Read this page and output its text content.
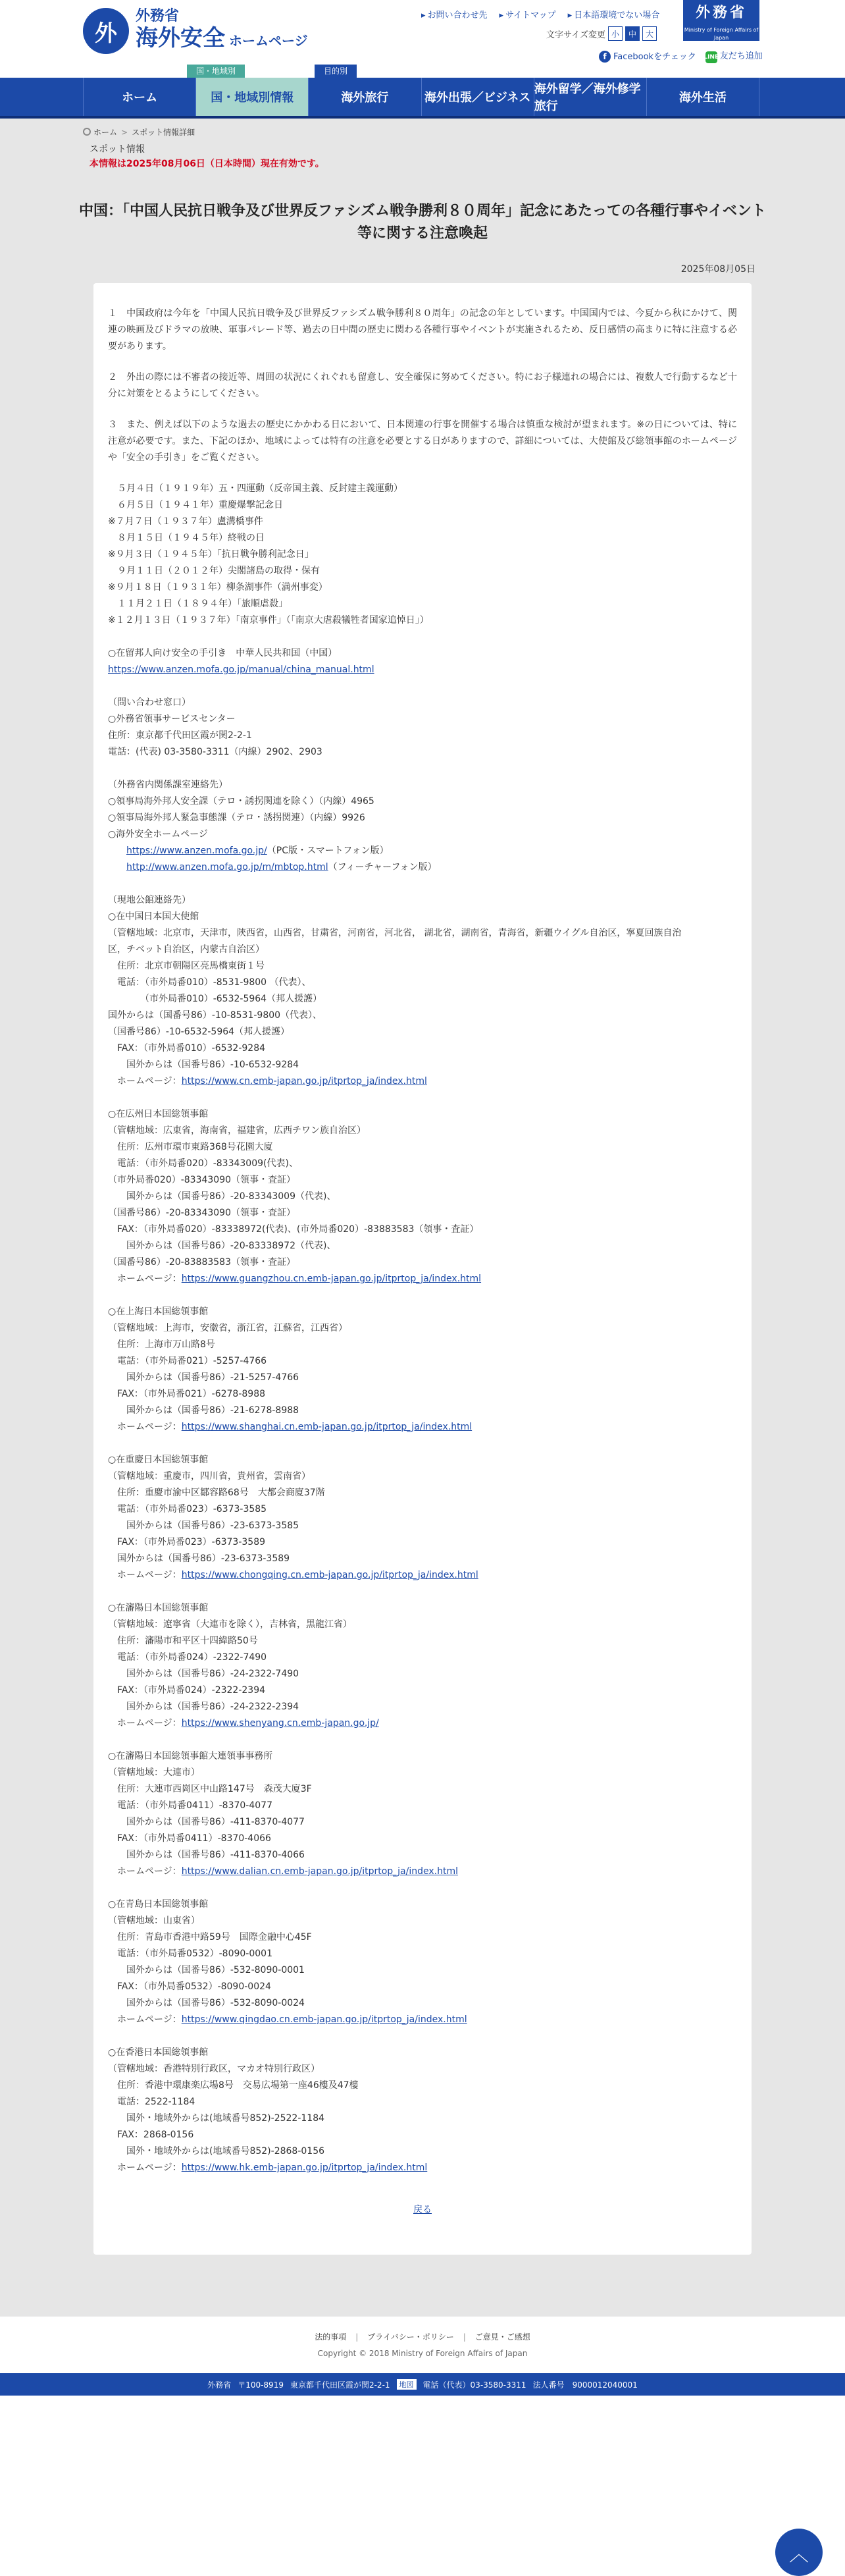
外
外務省
海外安全 ホームページ
▸ お問い合わせ先	▸ サイトマップ	▸ 日本語環境でない場合
文字サイズ変更 小	中	大
外務省
Ministry of Foreign Affairs of Japan
f Facebookをチェック LINE 友だち追加
国・地域別	目的別
ホーム	国・地域別情報	海外旅行	海外出張／ビジネス
海外留学／海外修学旅行
海外生活
ホーム > スポット情報詳細
スポット情報
本情報は2025年08月06日（日本時間）現在有効です。
中国：「中国人民抗日戦争及び世界反ファシズム戦争勝利８０周年」記念にあたっての各種行事やイベント等に関する注意喚起
2025年08月05日
１　中国政府は今年を「中国人民抗日戦争及び世界反ファシズム戦争勝利８０周年」の記念の年としています。中国国内では、今夏から秋にかけて、関連の映画及びドラマの放映、軍事パレード等、過去の日中間の歴史に関わる各種行事やイベントが実施されるため、反日感情の高まりに特に注意する必要があります。
２　外出の際には不審者の接近等、周囲の状況にくれぐれも留意し、安全確保に努めてください。特にお子様連れの場合には、複数人で行動するなど十分に対策をとるようにしてください。
３　また、例えば以下のような過去の歴史にかかわる日において、日本関連の行事を開催する場合は慎重な検討が望まれます。※の日については、特に注意が必要です。また、下記のほか、地域によっては特有の注意を必要とする日がありますので、詳細については、大使館及び総領事館のホームページや「安全の手引き」をご覧ください。
　５月４日（１９１９年）五・四運動（反帝国主義、反封建主義運動）
　６月５日（１９４１年）重慶爆撃記念日
※７月７日（１９３７年）盧溝橋事件
　８月１５日（１９４５年）終戦の日
※９月３日（１９４５年）「抗日戦争勝利記念日」
　９月１１日（２０１２年）尖閣諸島の取得・保有
※９月１８日（１９３１年）柳条湖事件（満州事変）
　１１月２１日（１８９４年）「旅順虐殺」
※１２月１３日（１９３７年）「南京事件」（「南京大虐殺犠牲者国家追悼日」）
○在留邦人向け安全の手引き　中華人民共和国（中国）
https://www.anzen.mofa.go.jp/manual/china_manual.html
（問い合わせ窓口）
○外務省領事サービスセンター
住所：東京都千代田区霞が関2-2-1
電話：(代表) 03-3580-3311（内線）2902、2903
（外務省内関係課室連絡先）
○領事局海外邦人安全課（テロ・誘拐関連を除く）（内線）4965
○領事局海外邦人緊急事態課（テロ・誘拐関連）（内線）9926
○海外安全ホームページ
　　https://www.anzen.mofa.go.jp/（PC版・スマートフォン版）
　　http://www.anzen.mofa.go.jp/m/mbtop.html（フィーチャーフォン版）
（現地公館連絡先）
○在中国日本国大使館
（管轄地域：北京市，天津市，陝西省，山西省，甘粛省，河南省，河北省， 湖北省，湖南省，青海省，新疆ウイグル自治区，寧夏回族自治
区，チベット自治区，内蒙古自治区）
　住所：北京市朝陽区亮馬橋東街１号
　電話：（市外局番010）-8531-9800 （代表）、
　　　　（市外局番010）-6532-5964（邦人援護）
国外からは（国番号86）-10-8531-9800（代表）、
（国番号86）-10-6532-5964（邦人援護）
　FAX：（市外局番010）-6532-9284
　　国外からは（国番号86）-10-6532-9284
　ホームページ：https://www.cn.emb-japan.go.jp/itprtop_ja/index.html
○在広州日本国総領事館
（管轄地域：広東省，海南省，福建省，広西チワン族自治区）
　住所：広州市環市東路368号花園大廈
　電話：（市外局番020）-83343009(代表)、
（市外局番020）-83343090（領事・査証）
　　国外からは（国番号86）-20-83343009（代表)、
（国番号86）-20-83343090（領事・査証）
　FAX：（市外局番020）-83338972(代表)、(市外局番020）-83883583（領事・査証）
　　国外からは（国番号86）-20-83338972（代表)、
（国番号86）-20-83883583（領事・査証）
　ホームページ：https://www.guangzhou.cn.emb-japan.go.jp/itprtop_ja/index.html
○在上海日本国総領事館
（管轄地域：上海市，安徽省，浙江省，江蘇省，江西省）
　住所：上海市万山路8号
　電話：（市外局番021）-5257-4766
　　国外からは（国番号86）-21-5257-4766
　FAX：（市外局番021）-6278-8988
　　国外からは（国番号86）-21-6278-8988
　ホームページ：https://www.shanghai.cn.emb-japan.go.jp/itprtop_ja/index.html
○在重慶日本国総領事館
（管轄地域：重慶市，四川省，貴州省，雲南省）
　住所：重慶市渝中区鄒容路68号　大都会商廈37階
　電話：（市外局番023）-6373-3585
　　国外からは（国番号86）-23-6373-3585
　FAX：（市外局番023）-6373-3589
　国外からは（国番号86）-23-6373-3589
　ホームページ：https://www.chongqing.cn.emb-japan.go.jp/itprtop_ja/index.html
○在瀋陽日本国総領事館
（管轄地域：遼寧省（大連市を除く），吉林省，黒龍江省）
　住所：瀋陽市和平区十四緯路50号
　電話：（市外局番024）-2322-7490
　　国外からは（国番号86）-24-2322-7490
　FAX：（市外局番024）-2322-2394
　　国外からは（国番号86）-24-2322-2394
　ホームページ：https://www.shenyang.cn.emb-japan.go.jp/
○在瀋陽日本国総領事館大連領事事務所
（管轄地域：大連市）
　住所：大連市西崗区中山路147号　森茂大廈3F
　電話：（市外局番0411）-8370-4077
　　国外からは（国番号86）-411-8370-4077
　FAX：（市外局番0411）-8370-4066
　　国外からは（国番号86）-411-8370-4066
　ホームページ：https://www.dalian.cn.emb-japan.go.jp/itprtop_ja/index.html
○在青島日本国総領事館
（管轄地域：山東省）
　住所：青島市香港中路59号　国際金融中心45F
　電話：（市外局番0532）-8090-0001
　　国外からは（国番号86）-532-8090-0001
　FAX：（市外局番0532）-8090-0024
　　国外からは（国番号86）-532-8090-0024
　ホームページ：https://www.qingdao.cn.emb-japan.go.jp/itprtop_ja/index.html
○在香港日本国総領事館
（管轄地域：香港特別行政区，マカオ特別行政区）
　住所：香港中環康楽広場8号　交易広場第一座46樓及47樓
　電話：2522-1184
　　国外・地域外からは(地域番号852)-2522-1184
　FAX：2868-0156
　　国外・地域外からは(地域番号852)-2868-0156
　ホームページ：https://www.hk.emb-japan.go.jp/itprtop_ja/index.html
戻る
法的事項 | プライバシー・ポリシー | ご意見・ご感想
Copyright © 2018 Ministry of Foreign Affairs of Japan
外務省 〒100-8919 東京都千代田区霞が関2-2-1	地図	電話（代表）03-3580-3311 法人番号　9000012040001
︿
